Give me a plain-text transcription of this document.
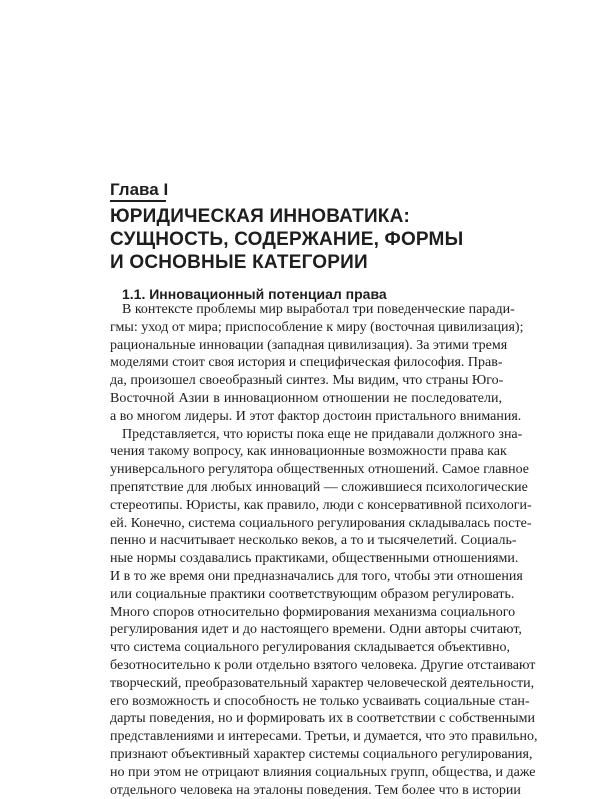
Глава I
ЮРИДИЧЕСКАЯ ИННОВАТИКА:
СУЩНОСТЬ, СОДЕРЖАНИЕ, ФОРМЫ
И ОСНОВНЫЕ КАТЕГОРИИ
1.1. Инновационный потенциал права
В контексте проблемы мир выработал три поведенческие паради-
гмы: уход от мира; приспособление к миру (восточная цивилизация);
рациональные инновации (западная цивилизация). За этими тремя
моделями стоит своя история и специфическая философия. Прав-
да, произошел своеобразный синтез. Мы видим, что страны Юго-
Восточной Азии в инновационном отношении не последователи,
а во многом лидеры. И этот фактор достоин пристального внимания.
Представляется, что юристы пока еще не придавали должного зна-
чения такому вопросу, как инновационные возможности права как
универсального регулятора общественных отношений. Самое главное
препятствие для любых инноваций — сложившиеся психологические
стереотипы. Юристы, как правило, люди с консервативной психологи-
ей. Конечно, система социального регулирования складывалась посте-
пенно и насчитывает несколько веков, а то и тысячелетий. Социаль-
ные нормы создавались практиками, общественными отношениями.
И в то же время они предназначались для того, чтобы эти отношения
или социальные практики соответствующим образом регулировать.
Много споров относительно формирования механизма социального
регулирования идет и до настоящего времени. Одни авторы считают,
что система социального регулирования складывается объективно,
безотносительно к роли отдельно взятого человека. Другие отстаивают
творческий, преобразовательный характер человеческой деятельности,
его возможность и способность не только усваивать социальные стан-
дарты поведения, но и формировать их в соответствии с собственными
представлениями и интересами. Третьи, и думается, что это правильно,
признают объективный характер системы социального регулирования,
но при этом не отрицают влияния социальных групп, общества, и даже
отдельного человека на эталоны поведения. Тем более что в истории
